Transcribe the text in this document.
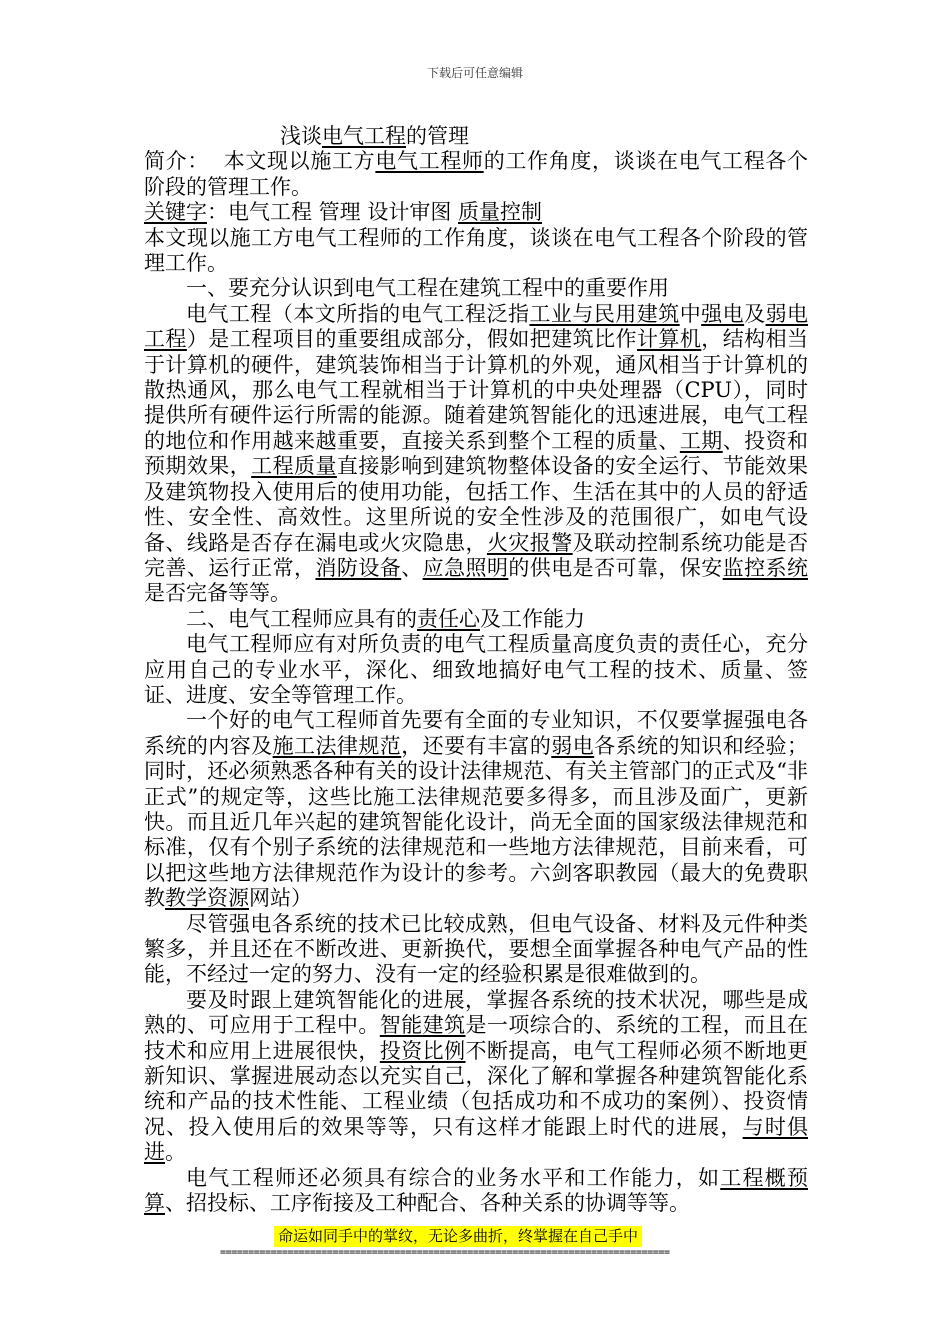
下载后可任意编辑

浅谈电气工程的管理

简介： 本文现以施工方电气工程师的工作角度，谈谈在电气工程各个阶段的管理工作。

关键字：电气工程 管理 设计审图 质量控制

本文现以施工方电气工程师的工作角度，谈谈在电气工程各个阶段的管理工作。

一、要充分认识到电气工程在建筑工程中的重要作用

电气工程（本文所指的电气工程泛指工业与民用建筑中强电及弱电工程）是工程项目的重要组成部分，假如把建筑比作计算机，结构相当于计算机的硬件，建筑装饰相当于计算机的外观，通风相当于计算机的散热通风，那么电气工程就相当于计算机的中央处理器（CPU），同时提供所有硬件运行所需的能源。随着建筑智能化的迅速进展，电气工程的地位和作用越来越重要，直接关系到整个工程的质量、工期、投资和预期效果，工程质量直接影响到建筑物整体设备的安全运行、节能效果及建筑物投入使用后的使用功能，包括工作、生活在其中的人员的舒适性、安全性、高效性。这里所说的安全性涉及的范围很广，如电气设备、线路是否存在漏电或火灾隐患，火灾报警及联动控制系统功能是否完善、运行正常，消防设备、应急照明的供电是否可靠，保安监控系统是否完备等等。

二、电气工程师应具有的责任心及工作能力

电气工程师应有对所负责的电气工程质量高度负责的责任心，充分应用自己的专业水平，深化、细致地搞好电气工程的技术、质量、签证、进度、安全等管理工作。

一个好的电气工程师首先要有全面的专业知识，不仅要掌握强电各系统的内容及施工法律规范，还要有丰富的弱电各系统的知识和经验；同时，还必须熟悉各种有关的设计法律规范、有关主管部门的正式及“非正式”的规定等，这些比施工法律规范要多得多，而且涉及面广，更新快。而且近几年兴起的建筑智能化设计，尚无全面的国家级法律规范和标准，仅有个别子系统的法律规范和一些地方法律规范，目前来看，可以把这些地方法律规范作为设计的参考。六剑客职教园（最大的免费职教教学资源网站）

尽管强电各系统的技术已比较成熟，但电气设备、材料及元件种类繁多，并且还在不断改进、更新换代，要想全面掌握各种电气产品的性能，不经过一定的努力、没有一定的经验积累是很难做到的。

要及时跟上建筑智能化的进展，掌握各系统的技术状况，哪些是成熟的、可应用于工程中。智能建筑是一项综合的、系统的工程，而且在技术和应用上进展很快，投资比例不断提高，电气工程师必须不断地更新知识、掌握进展动态以充实自己，深化了解和掌握各种建筑智能化系统和产品的技术性能、工程业绩（包括成功和不成功的案例）、投资情况、投入使用后的效果等等，只有这样才能跟上时代的进展，与时俱进。

电气工程师还必须具有综合的业务水平和工作能力，如工程概预算、招投标、工序衔接及工种配合、各种关系的协调等等。

命运如同手中的掌纹，无论多曲折，终掌握在自己手中
================================================================================
